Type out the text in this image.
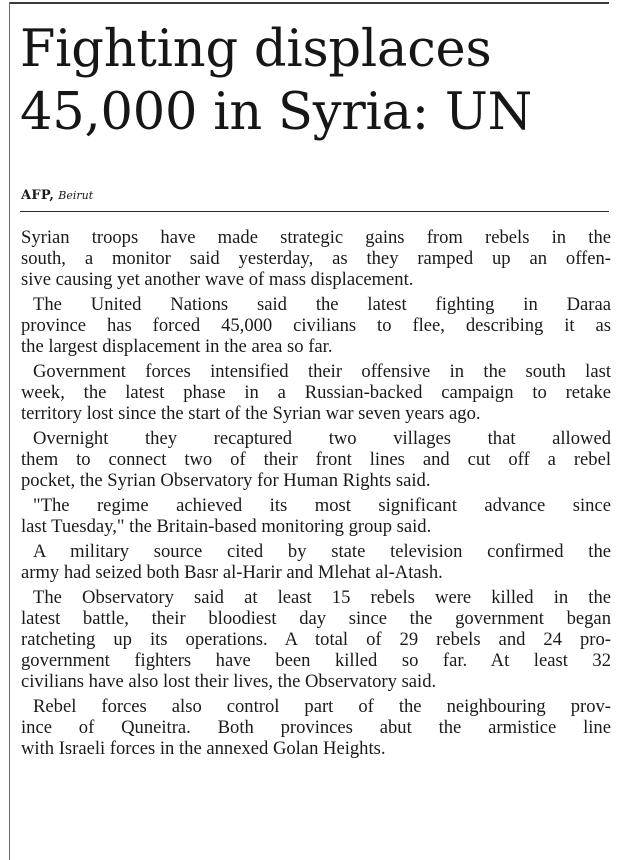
Fighting displaces
45,000 in Syria: UN
AFP, Beirut
Syrian troops have made strategic gains from rebels in the
south, a monitor said yesterday, as they ramped up an offen-
sive causing yet another wave of mass displacement.
The United Nations said the latest fighting in Daraa
province has forced 45,000 civilians to flee, describing it as
the largest displacement in the area so far.
Government forces intensified their offensive in the south last
week, the latest phase in a Russian-backed campaign to retake
territory lost since the start of the Syrian war seven years ago.
Overnight they recaptured two villages that allowed
them to connect two of their front lines and cut off a rebel
pocket, the Syrian Observatory for Human Rights said.
"The regime achieved its most significant advance since
last Tuesday," the Britain-based monitoring group said.
A military source cited by state television confirmed the
army had seized both Basr al-Harir and Mlehat al-Atash.
The Observatory said at least 15 rebels were killed in the
latest battle, their bloodiest day since the government began
ratcheting up its operations. A total of 29 rebels and 24 pro-
government fighters have been killed so far. At least 32
civilians have also lost their lives, the Observatory said.
Rebel forces also control part of the neighbouring prov-
ince of Quneitra. Both provinces abut the armistice line
with Israeli forces in the annexed Golan Heights.
